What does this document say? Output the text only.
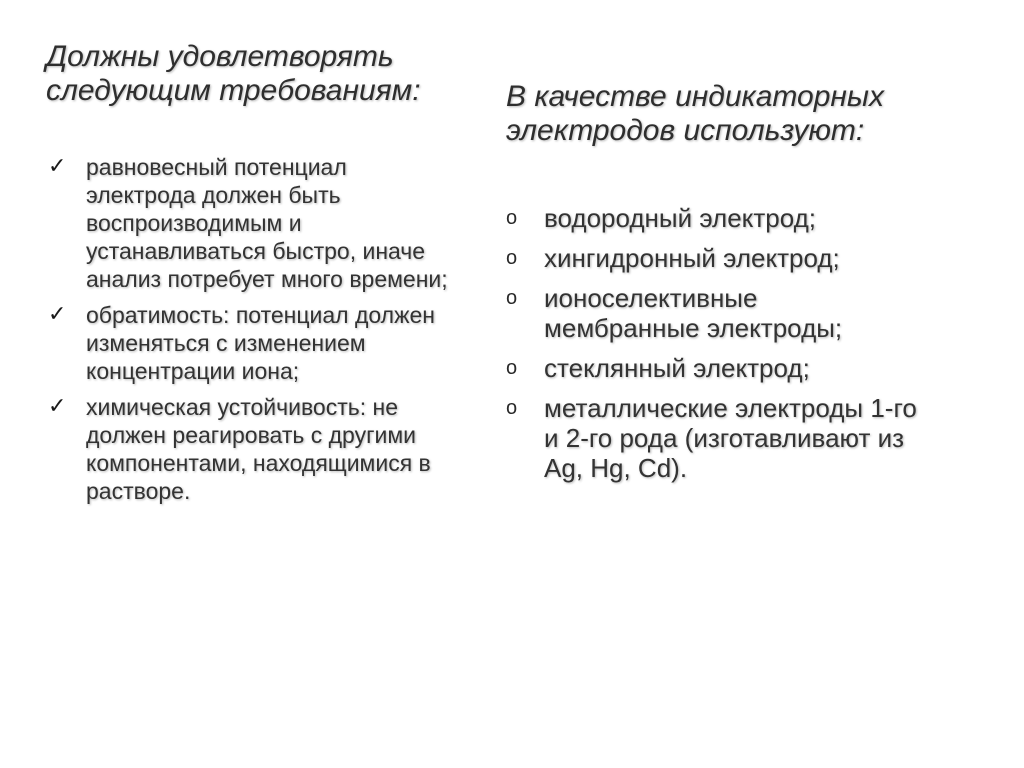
Должны удовлетворять
следующим требованиям:
✓ равновесный потенциал
электрода должен быть
воспроизводимым и
устанавливаться быстро, иначе
анализ потребует много времени;
✓ обратимость: потенциал должен
изменяться с изменением
концентрации иона;
✓ химическая устойчивость: не
должен реагировать с другими
компонентами, находящимися в
растворе.
В качестве индикаторных
электродов используют:
o водородный электрод;
o хингидронный электрод;
o ионоселективные
мембранные электроды;
o стеклянный электрод;
o металлические электроды 1-го
и 2-го рода (изготавливают из
Ag, Hg, Cd).
